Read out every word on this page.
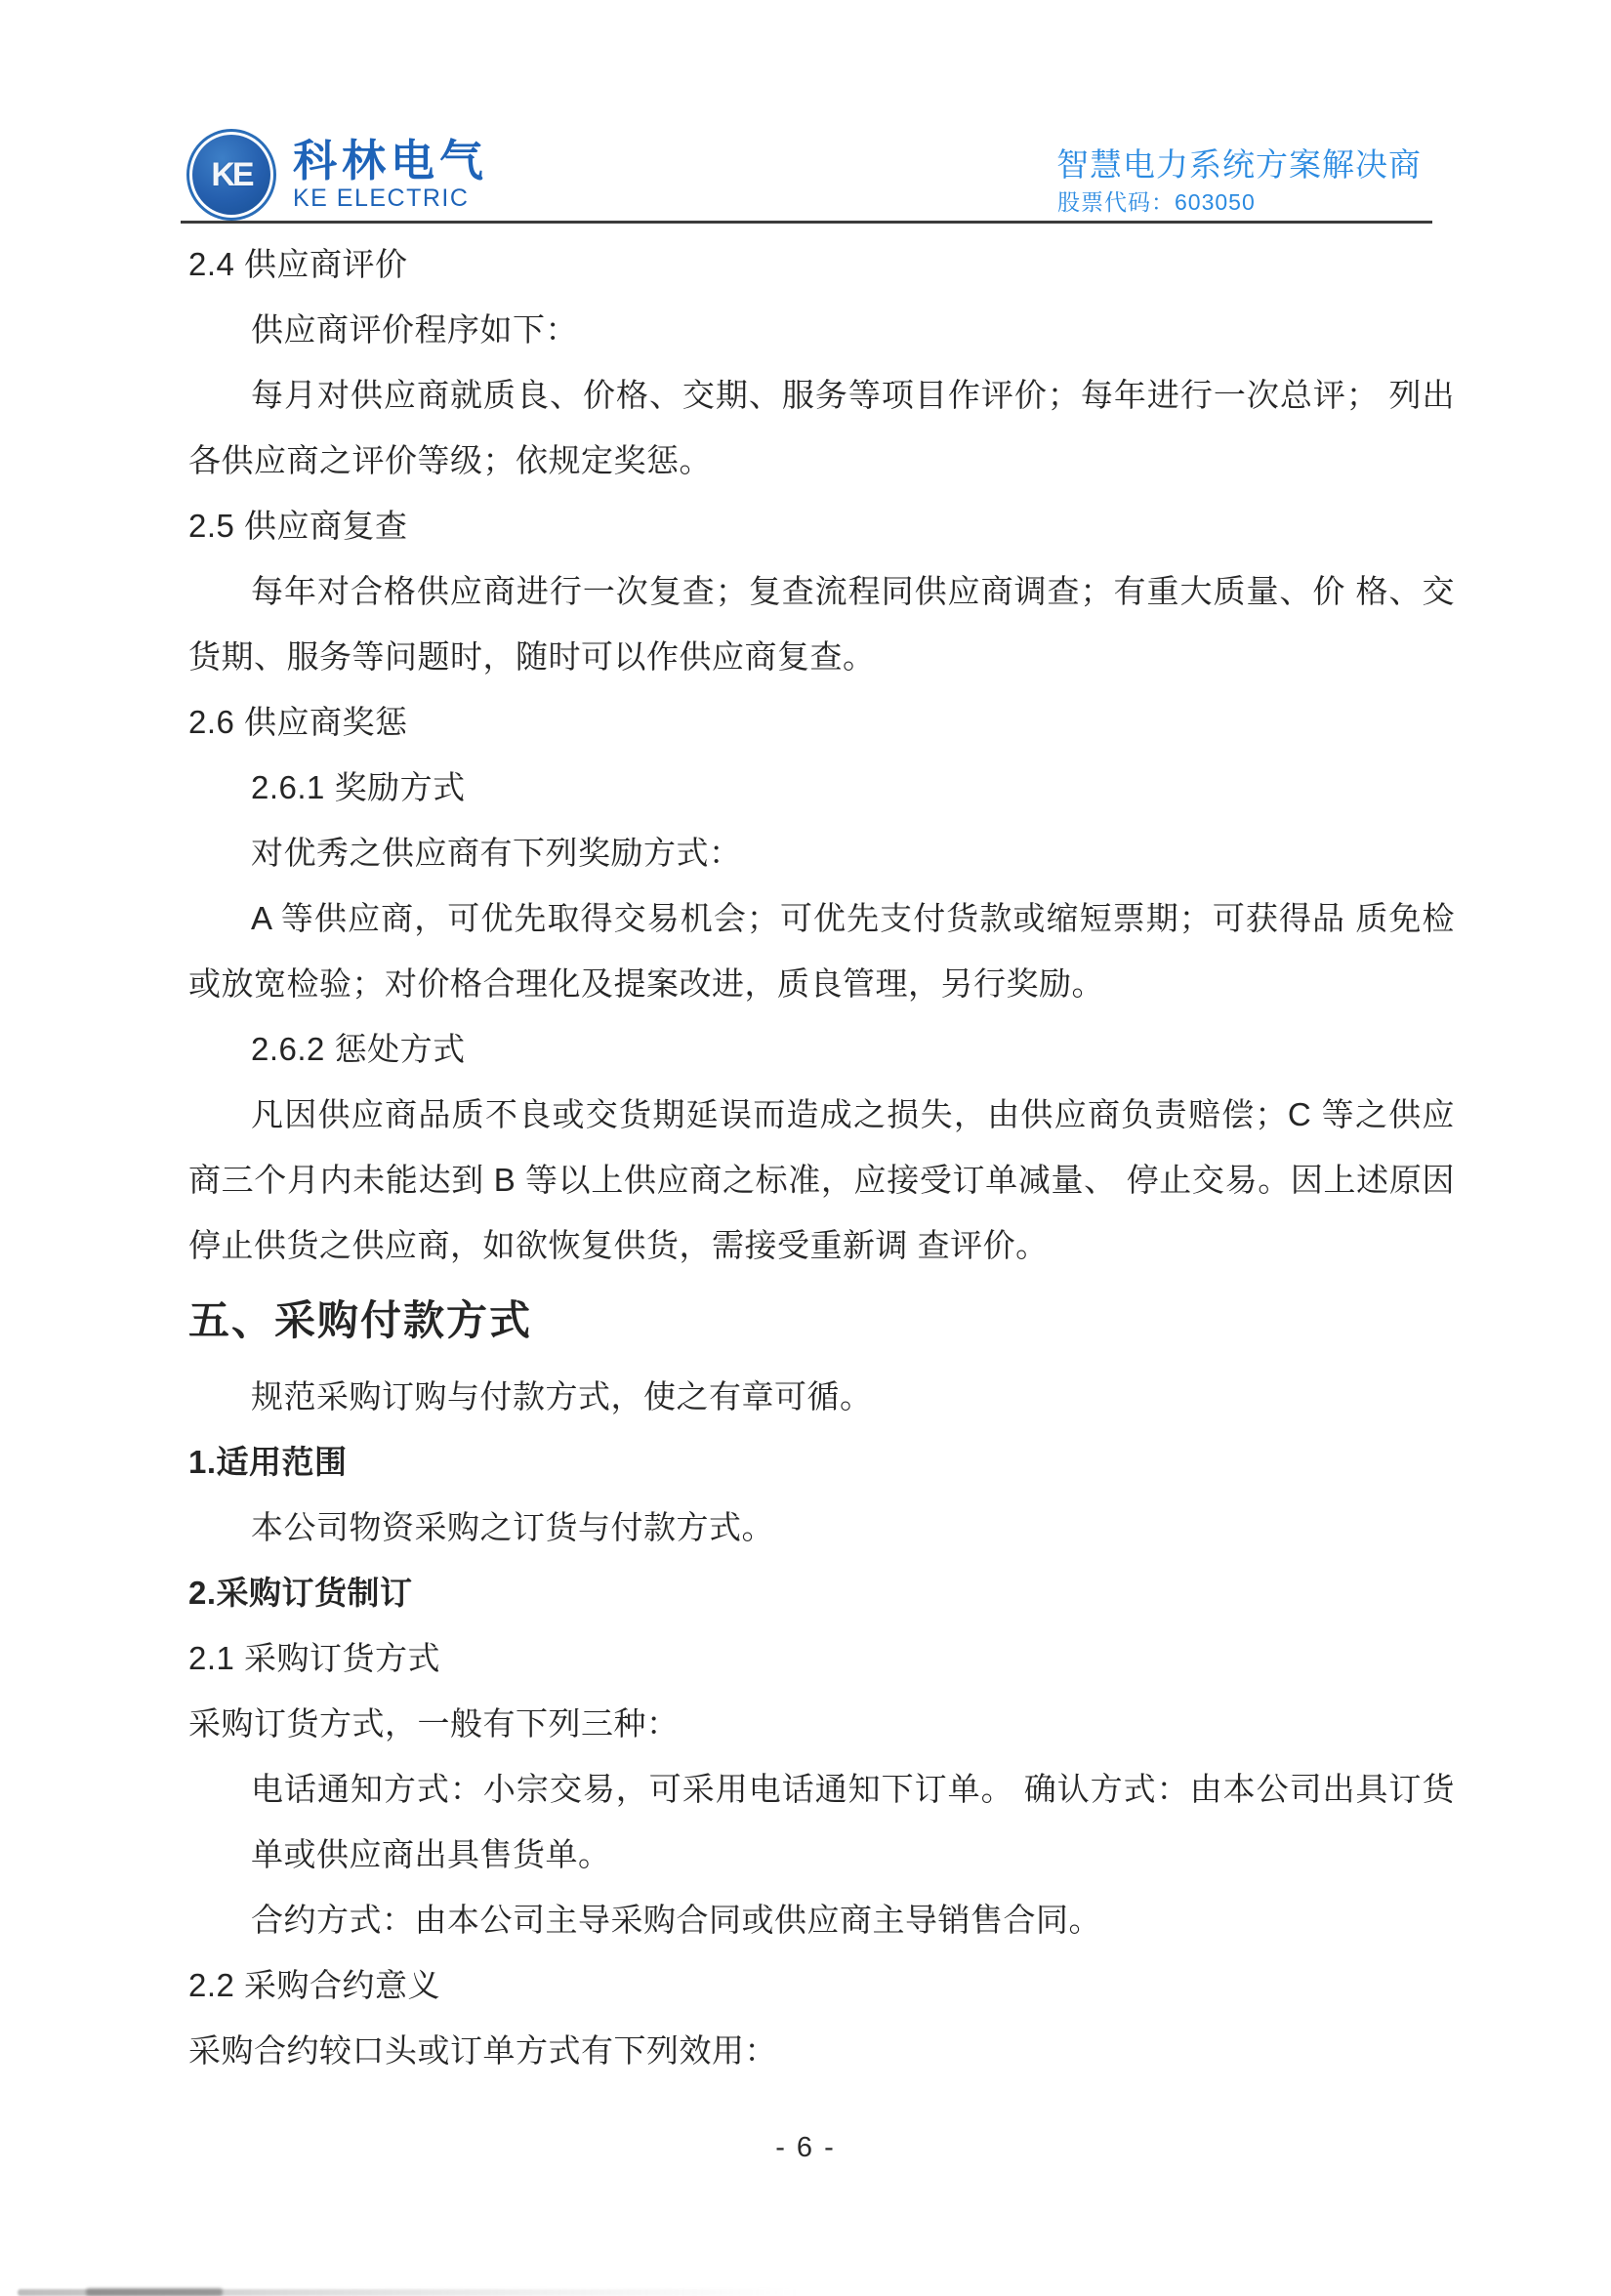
KE 科林电气
KE ELECTRIC
智慧电力系统方案解决商
股票代码：603050
2.4 供应商评价
供应商评价程序如下：
每月对供应商就质良、价格、交期、服务等项目作评价；每年进行一次总评； 列出
各供应商之评价等级；依规定奖惩。
2.5 供应商复查
每年对合格供应商进行一次复查；复查流程同供应商调查；有重大质量、价 格、交
货期、服务等问题时，随时可以作供应商复查。
2.6 供应商奖惩
2.6.1 奖励方式
对优秀之供应商有下列奖励方式：
A 等供应商，可优先取得交易机会；可优先支付货款或缩短票期；可获得品 质免检
或放宽检验；对价格合理化及提案改进，质良管理，另行奖励。
2.6.2 惩处方式
凡因供应商品质不良或交货期延误而造成之损失，由供应商负责赔偿；C 等之供应
商三个月内未能达到 B 等以上供应商之标准，应接受订单减量、 停止交易。因上述原因
停止供货之供应商，如欲恢复供货，需接受重新调 查评价。
五、采购付款方式
规范采购订购与付款方式，使之有章可循。
1.适用范围
本公司物资采购之订货与付款方式。
2.采购订货制订
2.1 采购订货方式
采购订货方式，一般有下列三种：
电话通知方式：小宗交易，可采用电话通知下订单。 确认方式：由本公司出具订货
单或供应商出具售货单。
合约方式：由本公司主导采购合同或供应商主导销售合同。
2.2 采购合约意义
采购合约较口头或订单方式有下列效用：
- 6 -
